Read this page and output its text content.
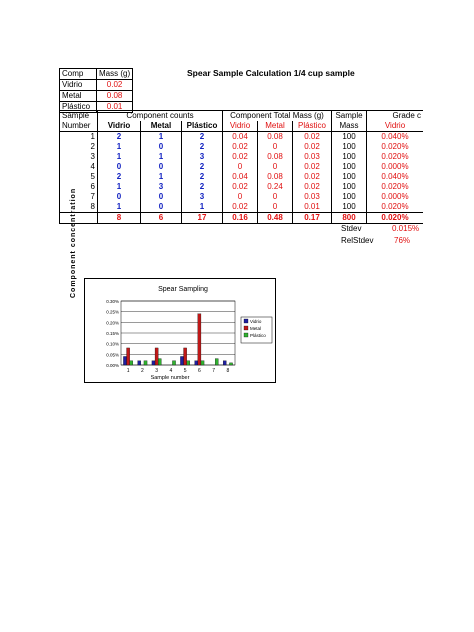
Spear Sample Calculation 1/4 cup sample
Comp	Mass (g)
Vidrio	0.02
Metal	0.08
Plástico	0.01
Sample	Component counts			Component Total Mass (g)			Sample	Grade c
Number	Vidrio	Metal	Plástico	Vidrio	Metal	Plástico	Mass	Vidrio
1	2	1	2	0.04	0.08	0.02	100	0.040%
2	1	0	2	0.02	0	0.02	100	0.020%
3	1	1	3	0.02	0.08	0.03	100	0.020%
4	0	0	2	0	0	0.02	100	0.000%
5	2	1	2	0.04	0.08	0.02	100	0.040%
6	1	3	2	0.02	0.24	0.02	100	0.020%
7	0	0	3	0	0	0.03	100	0.000%
8	1	0	1	0.02	0	0.01	100	0.020%
	8	6	17	0.16	0.48	0.17	800	0.020%
Stdev	0.015%
RelStdev	76%
Component concentration	Spear Sampling
Sample number
0.00%
0.05%
0.10%
0.15%
0.20%
0.25%
0.30%
1 2 3 4 5 6 7 8
Vidrio
Metal
Plástico
